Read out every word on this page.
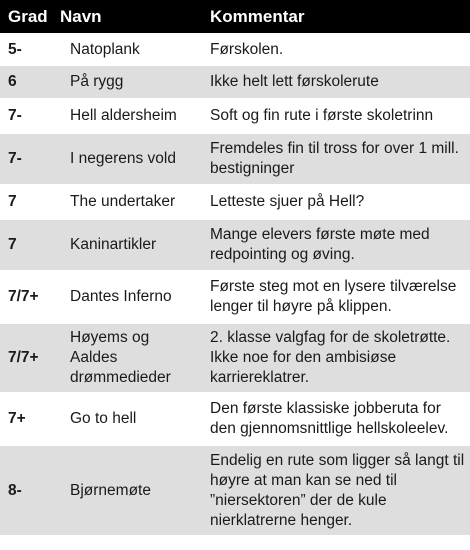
Grad	Navn	Kommentar
5-	Natoplank	Førskolen.
6	På rygg	Ikke helt lett førskolerute
7-	Hell aldersheim	Soft og fin rute i første skoletrinn
7-	I negerens vold	Fremdeles fin til tross for over 1 mill. bestigninger
7	The undertaker	Letteste sjuer på Hell?
7	Kaninartikler	Mange elevers første møte med redpointing og øving.
7/7+	Dantes Inferno	Første steg mot en lysere tilværelse lenger til høyre på klippen.
7/7+	Høyems og Aaldes drømmedieder	2. klasse valgfag for de skoletrøtte. Ikke noe for den ambisiøse karriereklatrer.
7+	Go to hell	Den første klassiske jobberuta for den gjennomsnittlige hellskoleelev.
8-	Bjørnemøte	Endelig en rute som ligger så langt til høyre at man kan se ned til ”niersektoren” der de kule nierklatrerne henger.
